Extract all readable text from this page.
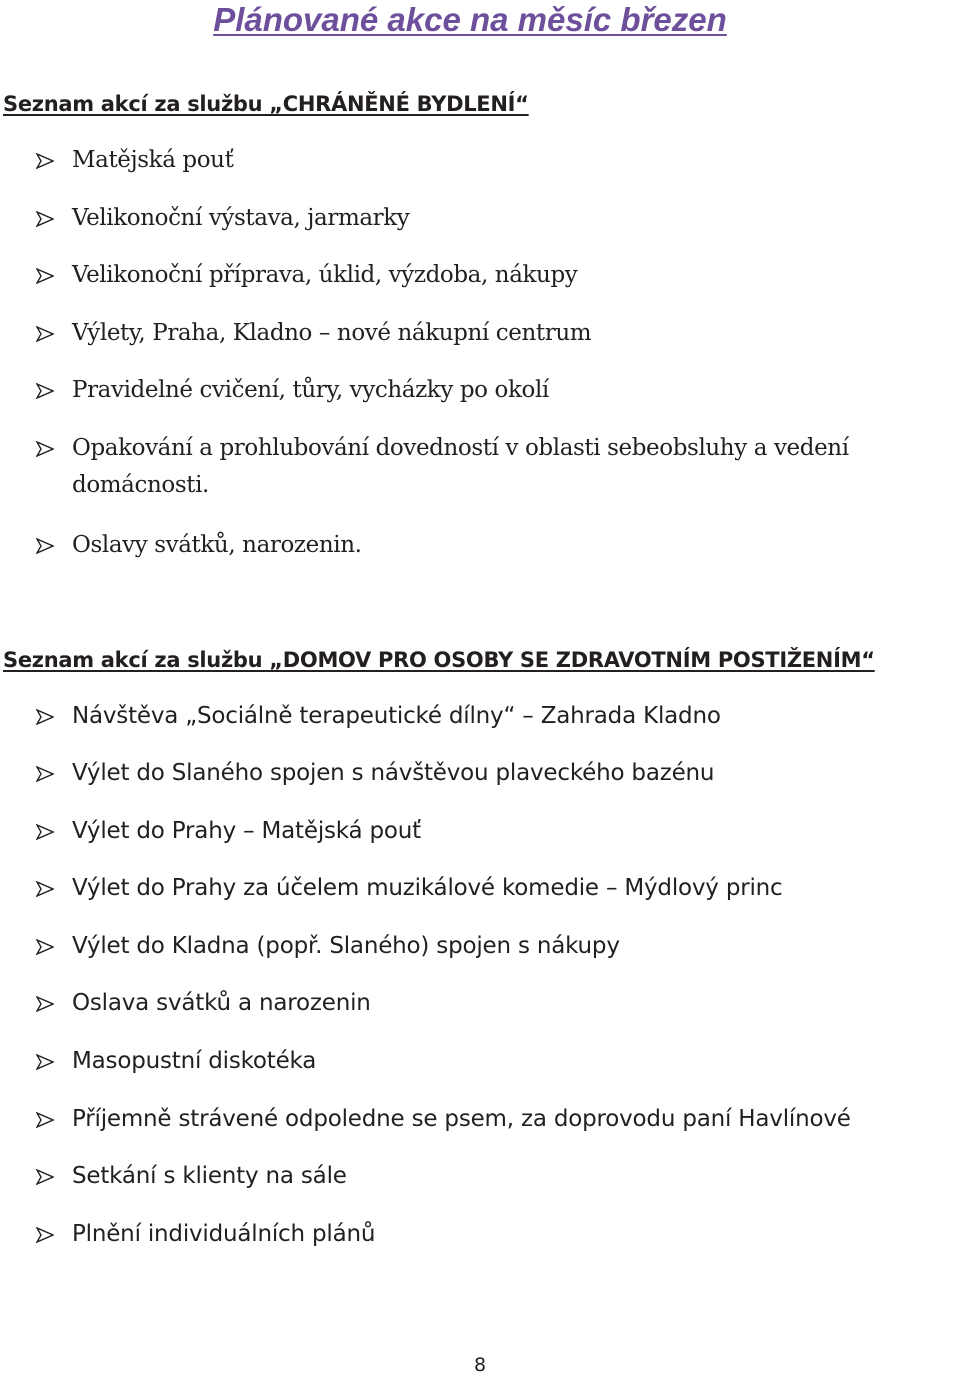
Plánované akce na měsíc březen
Seznam akcí za službu „CHRÁNĚNÉ BYDLENÍ“
Matějská pouť
Velikonoční výstava, jarmarky
Velikonoční příprava, úklid, výzdoba, nákupy
Výlety, Praha, Kladno – nové nákupní centrum
Pravidelné cvičení, tůry, vycházky po okolí
Opakování a prohlubování dovedností v oblasti sebeobsluhy a vedení domácnosti.
Oslavy svátků, narozenin.
Seznam akcí za službu „DOMOV PRO OSOBY SE ZDRAVOTNÍM POSTIŽENÍM“
Návštěva „Sociálně terapeutické dílny“ – Zahrada Kladno
Výlet do Slaného spojen s návštěvou plaveckého bazénu
Výlet do Prahy – Matějská pouť
Výlet do Prahy za účelem muzikálové komedie – Mýdlový princ
Výlet do Kladna (popř. Slaného) spojen s nákupy
Oslava svátků a narozenin
Masopustní diskotéka
Příjemně strávené odpoledne se psem, za doprovodu paní Havlínové
Setkání s klienty na sále
Plnění individuálních plánů
8
